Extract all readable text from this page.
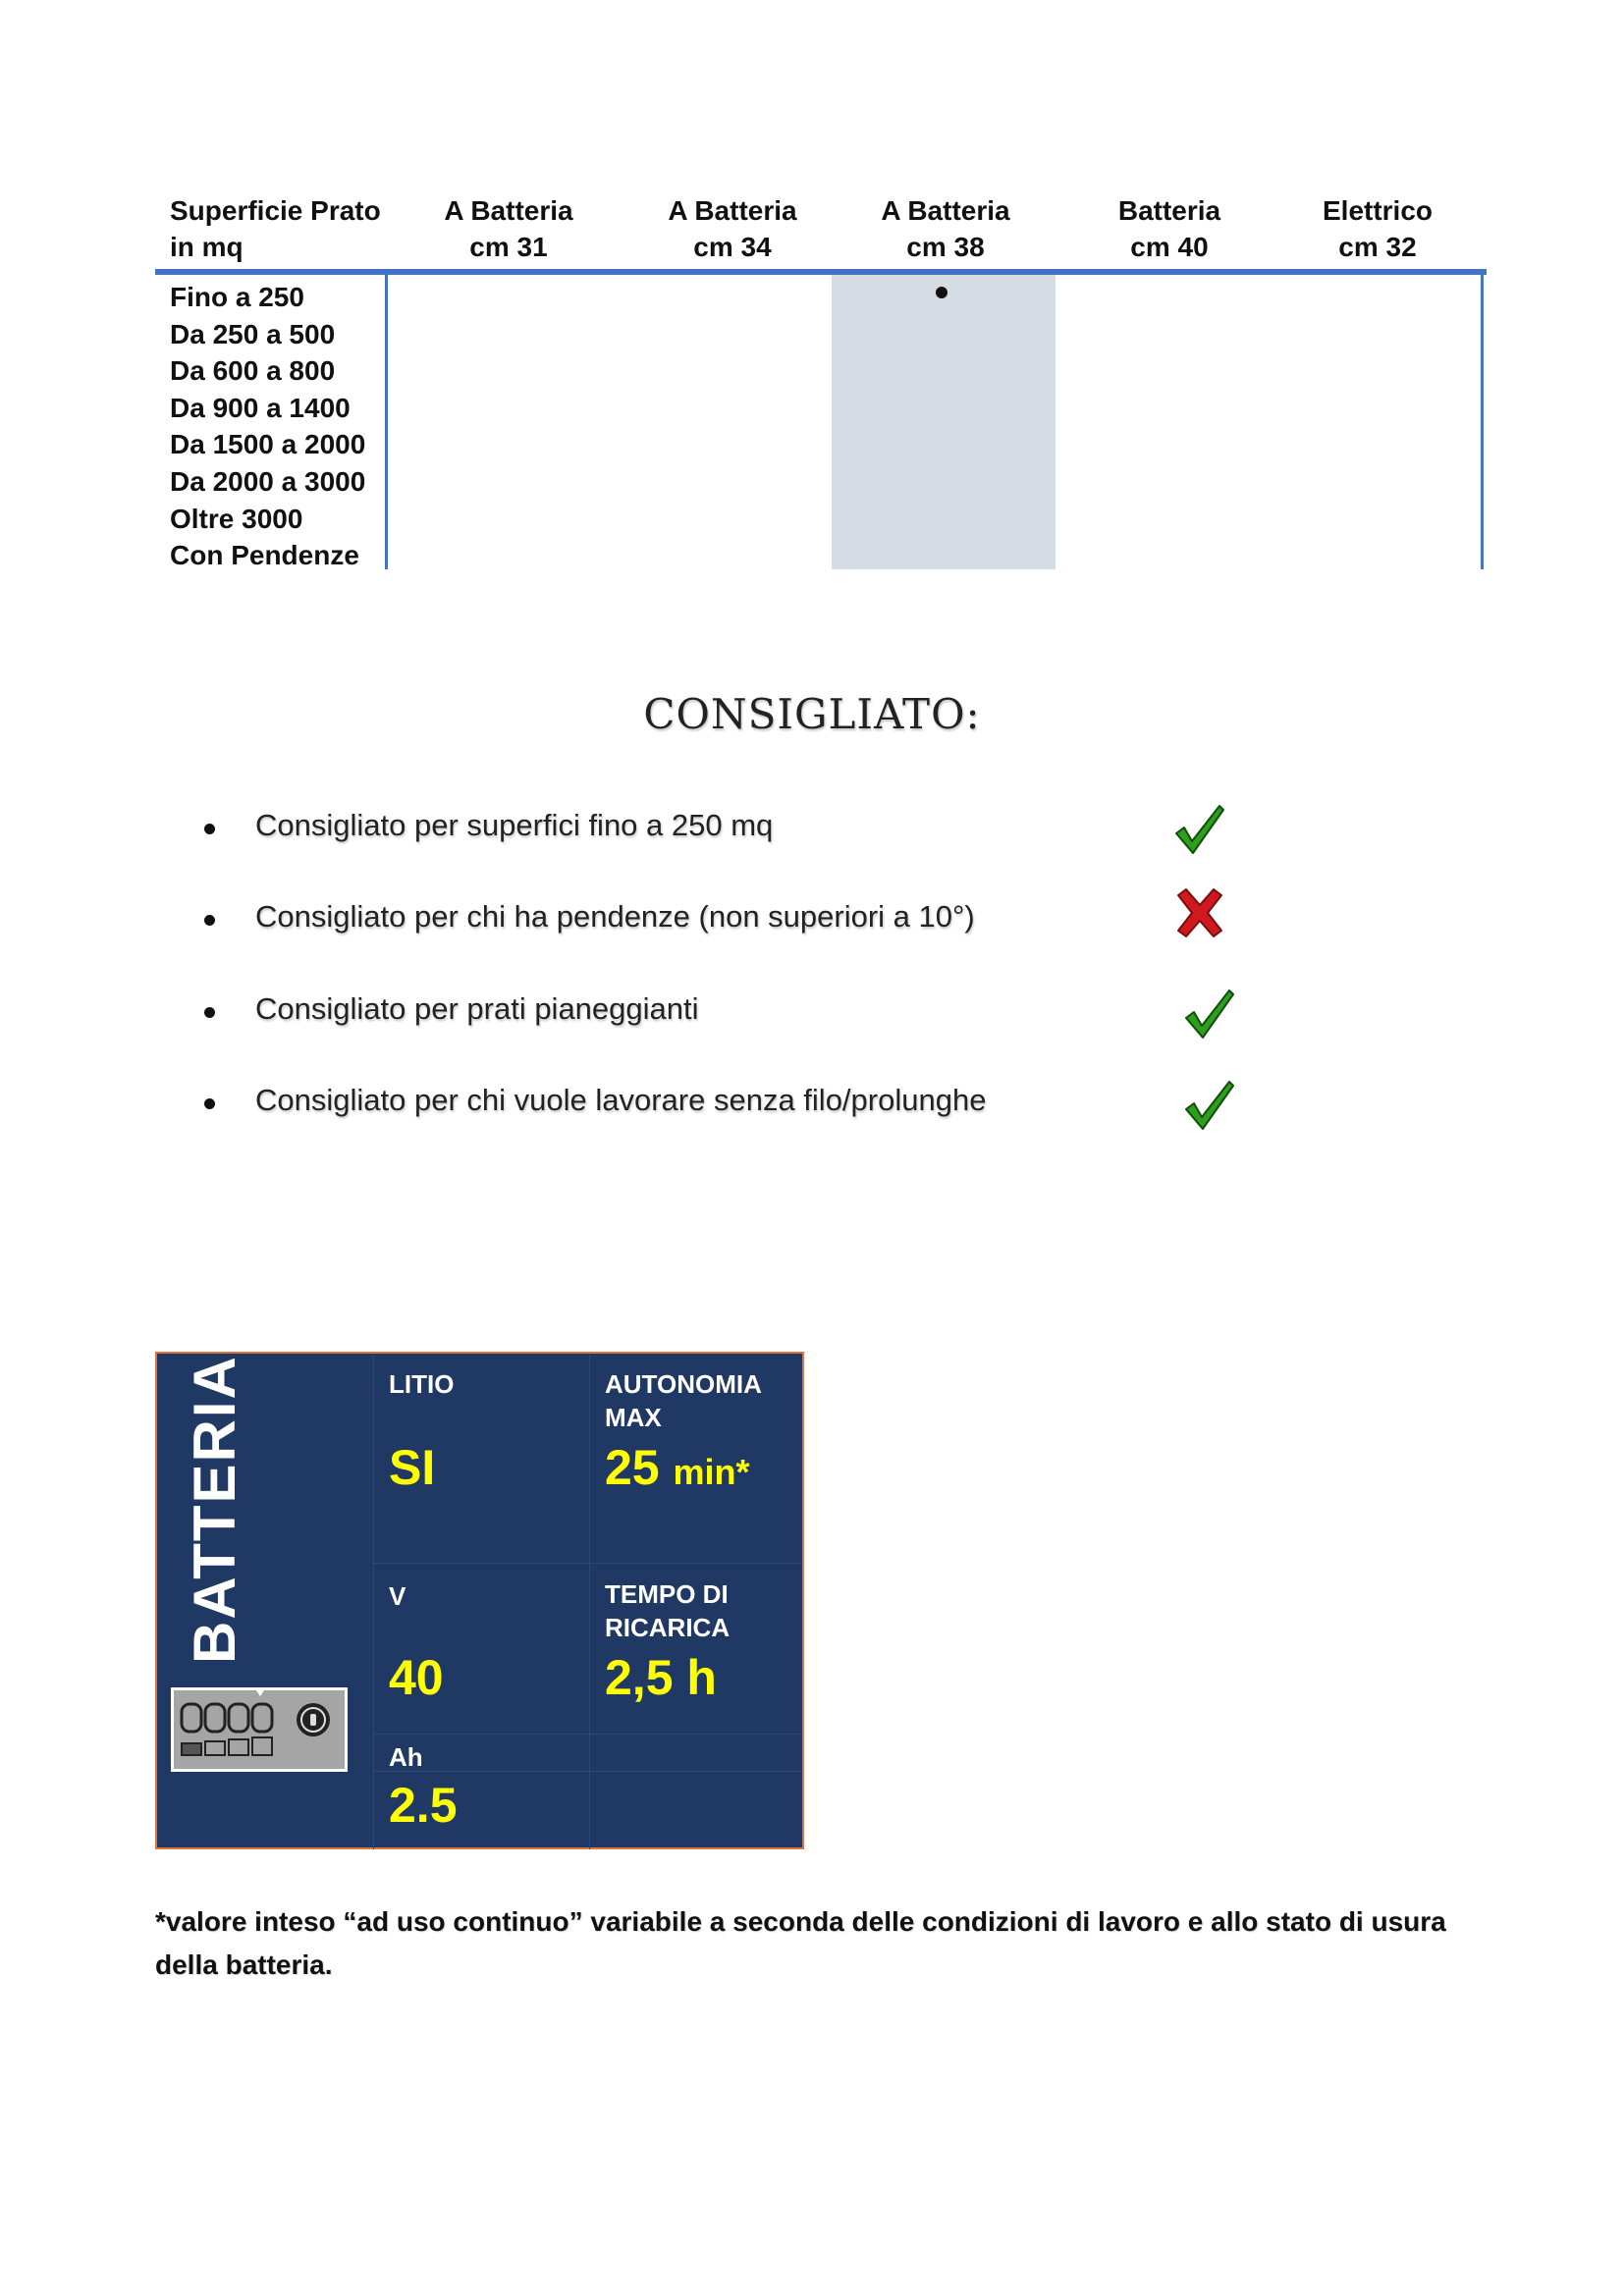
Superficie Prato
in mq
A Batteria
cm 31
A Batteria
cm 34
A Batteria
cm 38
Batteria
cm 40
Elettrico
cm 32
Fino a 250
Da 250 a 500
Da 600 a 800
Da 900 a 1400
Da 1500 a 2000
Da 2000 a 3000
Oltre 3000
Con Pendenze
CONSIGLIATO:
Consigliato per superfici fino a 250 mq
Consigliato per chi ha pendenze (non superiori a 10°)
Consigliato per prati pianeggianti
Consigliato per chi vuole lavorare senza filo/prolunghe
BATTERIA	LITIO
SI
AUTONOMIA
MAX
25 min*
V
40
TEMPO DI
RICARICA
2,5 h
Ah
2.5
*valore inteso “ad uso continuo” variabile a seconda delle condizioni di lavoro e allo stato di usura della batteria.
